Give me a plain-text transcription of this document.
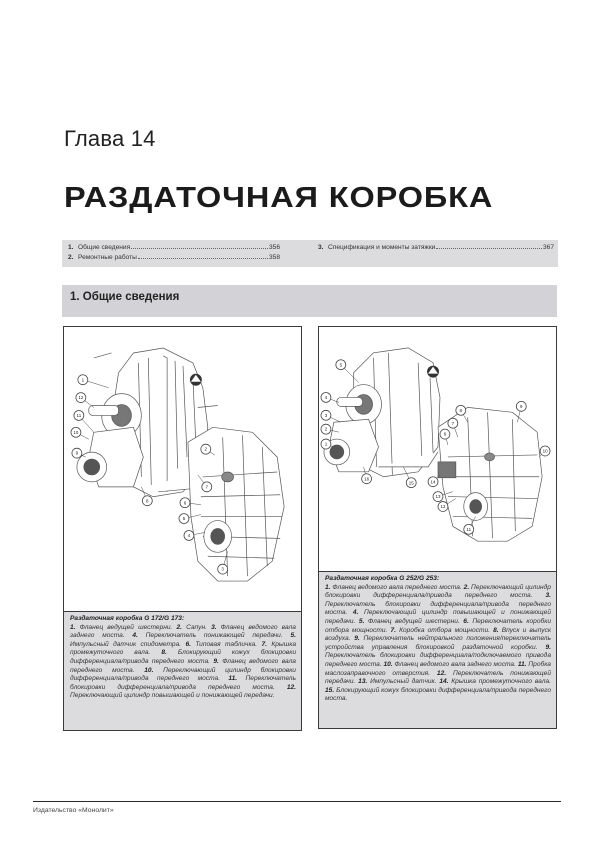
Глава 14
РАЗДАТОЧНАЯ КОРОБКА
1. Общие сведения	356
2. Ремонтные работы	358
3. Спецификация и моменты затяжки	367
1. Общие сведения
1
12
11
10
9
8
7
6
5
4
3
2
Раздаточная коробка G 172/G 173:
1. Фланец ведущей шестерни. 2. Сапун. 3. Фланец ведомого вала заднего моста. 4. Переключатель понижающей передачи. 5. Импульсный датчик спидометра. 6. Типовая табличка. 7. Крышка промежуточного вала. 8. Блокирующий кожух блокировки дифференциала/привода переднего моста. 9. Фланец ведомого вала переднего моста. 10. Переключающий цилиндр блокировки дифференциала/привода переднего моста. 11. Переключатель блокировки дифференциала/привода переднего моста. 12. Переключающий цилиндр повышающей и понижающей передачи.
5
4
3
2
1
8
7
6
9
10
16
15	14
13
12
11
Раздаточная коробка G 252/G 253:
1. Фланец ведомого вала переднего моста. 2. Переключающий цилиндр блокировки дифференциала/привода переднего моста. 3. Переключатель блокировки дифференциала/привода переднего моста. 4. Переключающий цилиндр повышающей и понижающей передачи. 5. Фланец ведущей шестерни. 6. Переключатель коробки отбора мощности. 7. Коробка отбора мощности. 8. Впуск и выпуск воздуха. 9. Переключатель нейтрального положения/переключатель устройства управления блокировкой раздаточной коробки. 9. Переключатель блокировки дифференциала/подключаемого привода переднего моста. 10. Фланец ведомого вала заднего моста. 11. Пробка маслозаправочного отверстия. 12. Переключатель понижающей передачи. 13. Импульсный датчик. 14. Крышка промежуточного вала. 15. Блокирующий кожух блокировки дифференциала/привода переднего моста.
Издательство «Монолит»
